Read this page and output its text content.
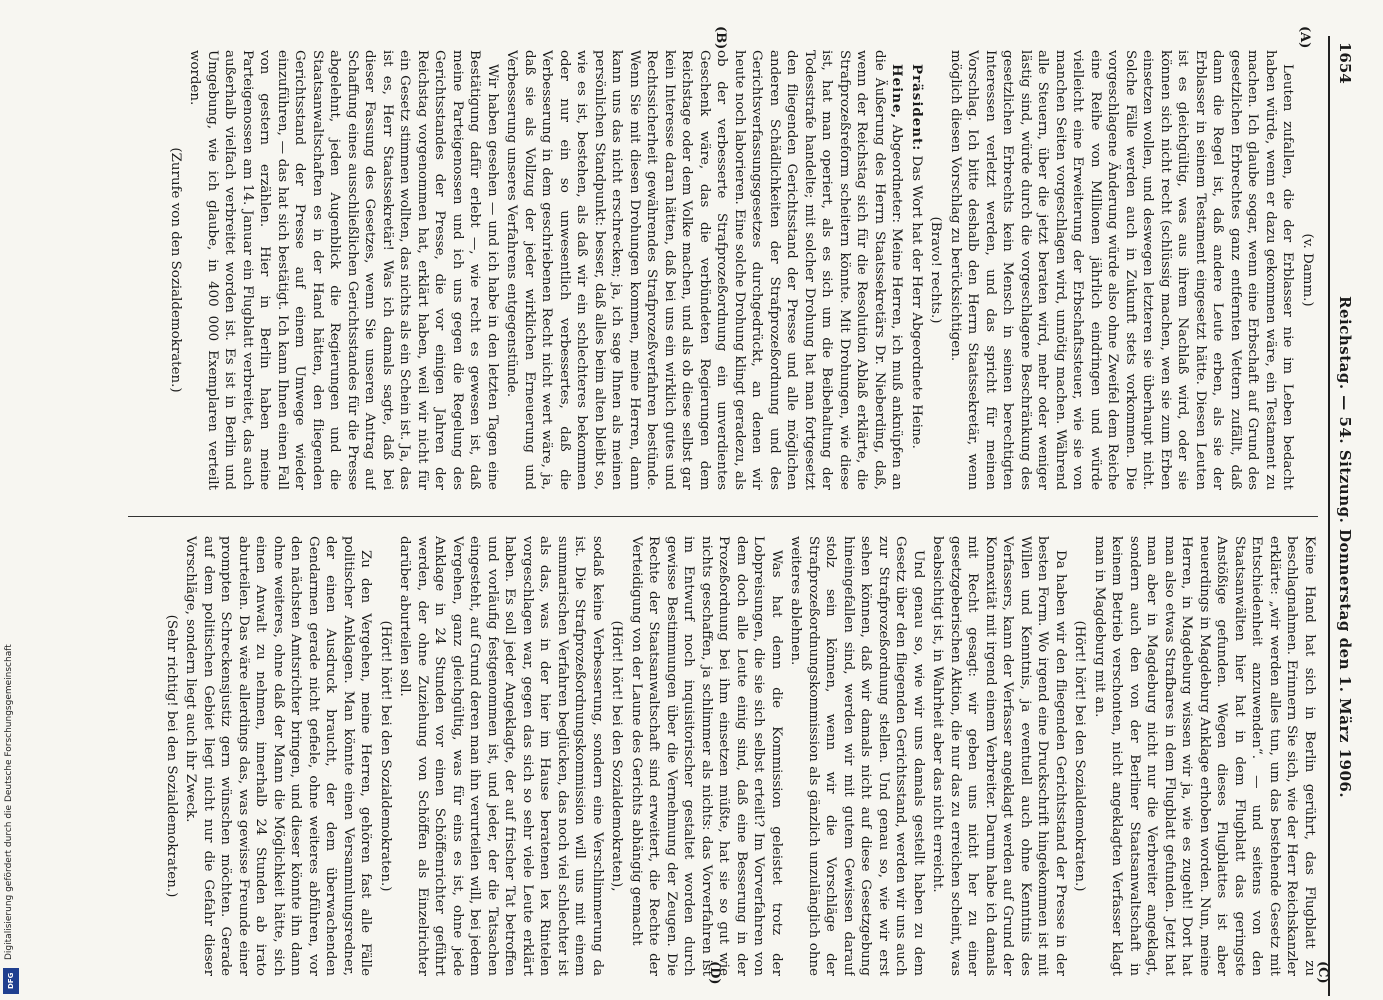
Digitalisierung gefördert durch die Deutsche Forschungsgemeinschaft
DFG
1654
Reichstag. — 54. Sitzung. Donnerstag den 1. März 1906.
(A)
(B)
(C)
(D)

(v. Damm.)

Leuten zufallen, die der Erblasser nie im Leben bedacht haben würde, wenn er dazu gekommen wäre, ein Testament zu machen. Ich glaube sogar, wenn eine Erbschaft auf Grund des gesetzlichen Erbrechtes ganz entfernten Vettern zufällt, daß dann die Regel ist, daß andere Leute erben, als sie der Erblasser in seinem Testament eingesetzt hätte. Diesen Leuten ist es gleichgültig, was aus ihrem Nachlaß wird, oder sie können sich nicht recht (schlüssig machen, wen sie zum Erben einsetzen wollen, und deswegen letzteren sie überhaupt nicht. Solche Fälle werden auch in Zukunft stets vorkommen. Die vorgeschlagene Änderung würde also ohne Zweifel dem Reiche eine Reihe von Millionen jährlich eindringen und würde vielleicht eine Erweiterung der Erbschaftssteuer, wie sie von manchen Seiten vorgeschlagen wird, unnötig machen. Während alle Steuern, über die jetzt beraten wird, mehr oder weniger lästig sind, würde durch die vorgeschlagene Beschränkung des gesetzlichen Erbrechts kein Mensch in seinen berechtigten Interessen verletzt werden, und das spricht für meinen Vorschlag. Ich bitte deshalb den Herrn Staatssekretär, wenn möglich diesen Vorschlag zu berücksichtigen.

(Bravo! rechts.)

Präsident: Das Wort hat der Herr Abgeordnete Heine.

Heine, Abgeordneter: Meine Herren, ich muß anknüpfen an die Äußerung des Herrn Staatssekretärs Dr. Nieberding, daß, wenn der Reichstag sich für die Resolution Ablaß erklärte, die Strafprozeßreform scheitern könnte. Mit Drohungen, wie diese ist, hat man operiert, als es sich um die Beibehaltung der Todesstrafe handelte; mit solcher Drohung hat man fortgesetzt den fliegenden Gerichtsstand der Presse und alle möglichen anderen Schädlichkeiten der Strafprozeßordnung und des Gerichtsverfassungsgesetzes durchgedrückt, an denen wir heute noch laborieren. Eine solche Drohung klingt geradezu, als ob der verbesserte Strafprozeßordnung ein unverdientes Geschenk wäre, das die verbündeten Regierungen dem Reichstage oder dem Volke machen, und als ob diese selbst gar kein Interesse daran hätten, daß bei uns ein wirklich gutes und Rechtssicherheit gewährendes Strafprozeßverfahren bestünde. Wenn Sie mit diesen Drohungen kommen, meine Herren, dann kann uns das nicht erschrecken; ja, ich sage Ihnen als meinen persönlichen Standpunkt: besser, daß alles beim alten bleibt so, wie es ist, bestehen, als daß wir ein schlechteres bekommen oder nur ein so unwesentlich verbessertes, daß die Verbesserung in dem geschriebenen Recht nicht wert wäre, ja, daß sie als Vollzug der jeder wirklichen Erneuerung und Verbesserung unseres Verfahrens entgegenstünde.

Wir haben gesehen — und ich habe in den letzten Tagen eine Bestätigung dafür erlebt —, wie recht es gewesen ist, daß meine Parteigenossen und ich uns gegen die Regelung des Gerichtsstandes der Presse, die vor einigen Jahren der Reichstag vorgenommen hat, erklärt haben, weil wir nicht für ein Gesetz stimmen wollten, das nichts als ein Schein ist. Ja, das ist es, Herr Staatssekretär! Was ich damals sagte, daß bei dieser Fassung des Gesetzes, wenn Sie unseren Antrag auf Schaffung eines ausschließlichen Gerichtsstandes für die Presse abgelehnt, jeden Augenblick die Regierungen und die Staatsanwaltschaften es in der Hand hätten, den fliegenden Gerichtsstand der Presse auf einem Umwege wieder einzuführen, — das hat sich bestätigt. Ich kann Ihnen einen Fall von gestern erzählen. Hier in Berlin haben meine Parteigenossen am 14. Januar ein Flugblatt verbreitet, das auch außerhalb vielfach verbreitet worden ist. Es ist in Berlin und Umgebung, wie ich glaube, in 400 000 Exemplaren verteilt worden.

(Zurufe von den Sozialdemokraten.)

Keine Hand hat sich in Berlin gerührt, das Flugblatt zu beschlagnahmen. Erinnern Sie sich, wie der Herr Reichskanzler erklärte: „wir werden alles tun, um das bestehende Gesetz mit Entschiedenheit anzuwenden“. — und seitens von den Staatsanwälten hier hat in dem Flugblatt das geringste Anstößige gefunden. Wegen dieses Flugblattes ist aber neuerdings in Magdeburg Anklage erhoben worden. Nun, meine Herren, in Magdeburg wissen wir ja, wie es zugeht! Dort hat man also etwas Strafbares in dem Flugblatt gefunden. Jetzt hat man aber in Magdeburg nicht nur die Verbreiter angeklagt, sondern auch den von der Berliner Staatsanwaltschaft in keinem Betrieb verschonten, nicht angeklagten Verfasser klagt man in Magdeburg mit an.

(Hört! hört! bei den Sozialdemokraten.)

Da haben wir den fliegenden Gerichtsstand der Presse in der besten Form. Wo irgend eine Druckschrift hingekommen ist mit Willen und Kenntnis, ja eventuell auch ohne Kenntnis des Verfassers, kann der Verfasser angeklagt werden auf Grund der Konnexität mit irgend einem Verbreiter. Darum habe ich damals mit Recht gesagt: wir geben uns nicht her zu einer gesetzgeberischen Aktion, die nur das zu erreichen scheint, was beabsichtigt ist, in Wahrheit aber das nicht erreicht.

Und genau so, wie wir uns damals gestellt haben zu dem Gesetz über den fliegenden Gerichtsstand, werden wir uns auch zur Strafprozeßordnung stellen. Und genau so, wie wir erst sehen können, daß wir damals nicht auf diese Gesetzgebung hineingefallen sind, werden wir mit gutem Gewissen darauf stolz sein können, wenn wir die Vorschläge der Strafprozeßordnungskommission als gänzlich unzulänglich ohne weiteres ablehnen.

Was hat denn die Kommission geleistet trotz der Lobpreisungen, die sie sich selbst erteilt? Im Vorverfahren von dem doch alle Leute einig sind, daß eine Besserung in der Prozeßordnung bei ihm einsetzen müßte, hat sie so gut wie nichts geschaffen, ja schlimmer als nichts: das Vorverfahren ist im Entwurf noch inquisitorischer gestaltet worden durch gewisse Bestimmungen über die Vernehmung der Zeugen. Die Rechte der Staatsanwaltschaft sind erweitert, die Rechte der Verteidigung von der Laune des Gerichts abhängig gemacht

(Hört! hört! bei den Sozialdemokraten),

sodaß keine Verbesserung, sondern eine Verschlimmerung da ist. Die Strafprozeßordnungskommission will uns mit einem summarischen Verfahren beglücken, das noch viel schlechter ist als das, was in der hier im Hause beratenen lex Rintelen vorgeschlagen war, gegen das sich so sehr viele Leute erklärt haben. Es soll jeder Angeklagte, der auf frischer Tat betroffen und vorläufig festgenommen ist, und jeder, der die Tatsachen eingesteht, auf Grund deren man ihn verurteilen will, bei jedem Vergehen, ganz gleichgültig, was für eins es ist, ohne jede Anklage in 24 Stunden vor einen Schöffenrichter geführt werden, der ohne Zuziehung von Schöffen als Einzelrichter darüber aburteilen soll.

(Hört! hört! bei den Sozialdemokraten.)

Zu den Vergehen, meine Herren, gehören fast alle Fälle politischer Anklagen. Man könnte einen Versammlungsredner, der einen Ausdruck braucht, der dem überwachenden Gendarmen gerade nicht gefiele, ohne weiteres abführen, vor den nächsten Amtsrichter bringen, und dieser könnte ihn dann ohne weiteres, ohne daß der Mann die Möglichkeit hätte, sich einen Anwalt zu nehmen, innerhalb 24 Stunden ab irato aburteilen. Das wäre allerdings das, was gewisse Freunde einer prompten Schreckensjustiz gern wünschen möchten. Gerade auf dem politischen Gebiet liegt nicht nur die Gefahr dieser Vorschläge, sondern liegt auch ihr Zweck.

(Sehr richtig! bei den Sozialdemokraten.)
